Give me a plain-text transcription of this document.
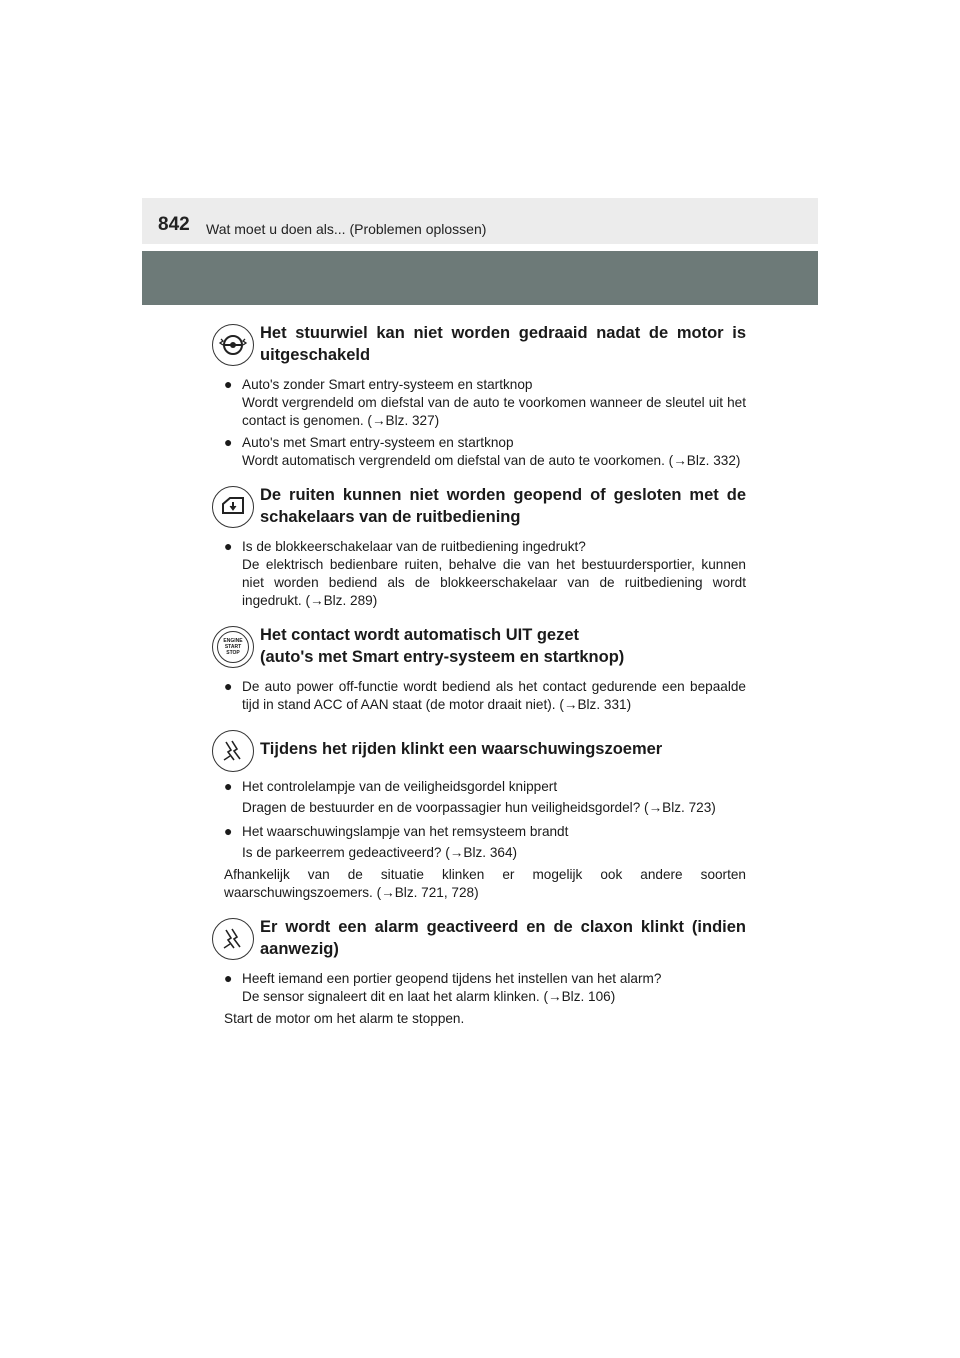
842 Wat moet u doen als... (Problemen oplossen)
Het stuurwiel kan niet worden gedraaid nadat de motor is uitgeschakeld
● Auto's zonder Smart entry-systeem en startknop
Wordt vergrendeld om diefstal van de auto te voorkomen wanneer de sleutel uit het contact is genomen. (→Blz. 327)
● Auto's met Smart entry-systeem en startknop
Wordt automatisch vergrendeld om diefstal van de auto te voorkomen. (→Blz. 332)
De ruiten kunnen niet worden geopend of gesloten met de schakelaars van de ruitbediening
● Is de blokkeerschakelaar van de ruitbediening ingedrukt?
De elektrisch bedienbare ruiten, behalve die van het bestuurdersportier, kunnen niet worden bediend als de blokkeerschakelaar van de ruitbediening wordt ingedrukt. (→Blz. 289)
ENGINE START STOP
Het contact wordt automatisch UIT gezet
(auto's met Smart entry-systeem en startknop)
● De auto power off-functie wordt bediend als het contact gedurende een bepaalde tijd in stand ACC of AAN staat (de motor draait niet). (→Blz. 331)
Tijdens het rijden klinkt een waarschuwingszoemer
● Het controlelampje van de veiligheidsgordel knippert
Dragen de bestuurder en de voorpassagier hun veiligheidsgordel? (→Blz. 723)
● Het waarschuwingslampje van het remsysteem brandt
Is de parkeerrem gedeactiveerd? (→Blz. 364)
Afhankelijk van de situatie klinken er mogelijk ook andere soorten waarschuwingszoemers. (→Blz. 721, 728)
Er wordt een alarm geactiveerd en de claxon klinkt (indien aanwezig)
● Heeft iemand een portier geopend tijdens het instellen van het alarm?
De sensor signaleert dit en laat het alarm klinken. (→Blz. 106)
Start de motor om het alarm te stoppen.
